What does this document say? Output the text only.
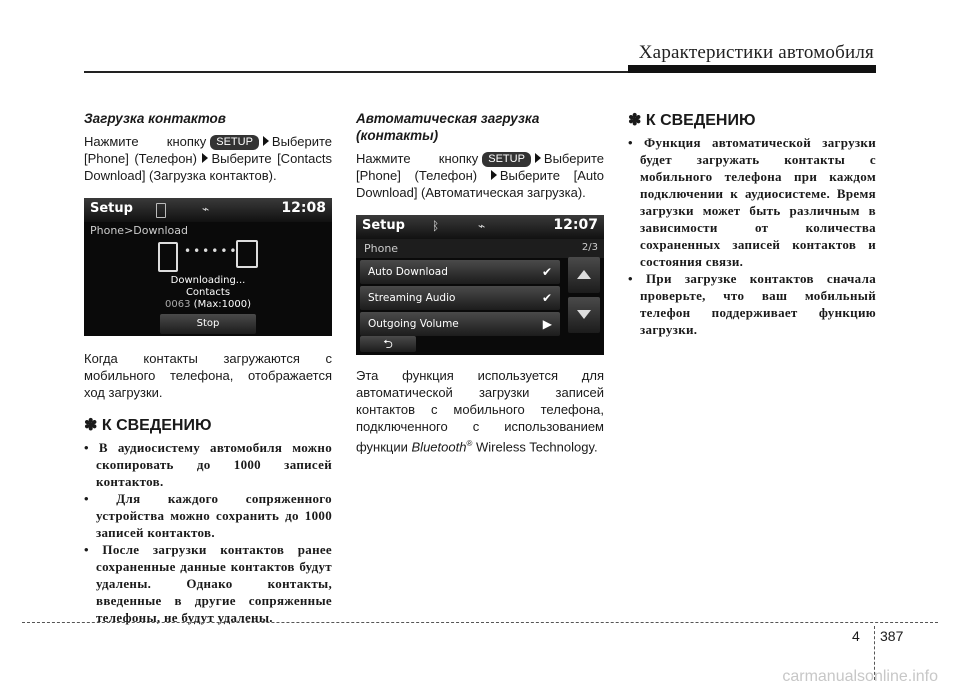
Характеристики автомобиля

Загрузка контактов

Нажмите кнопку SETUP Выберите [Phone] (Телефон) Выберите [Contacts Download] (Загрузка контактов).

Setup	⌁	12:08
Phone>Download
••••••
Downloading...
Contacts
0063 (Max:1000)
Stop

Когда контакты загружаются с мобильного телефона, отображается ход загрузки.

✽ К СВЕДЕНИЮ
• В аудиосистему автомобиля можно скопировать до 1000 записей контактов.
• Для каждого сопряженного устройства можно сохранить до 1000 записей контактов.
• После загрузки контактов ранее сохраненные данные контактов будут удалены. Однако контакты, введенные в другие сопряженные телефоны, не будут удалены.

Автоматическая загрузка (контакты)

Нажмите кнопку SETUP Выберите [Phone] (Телефон) Выберите [Auto Download] (Автоматическая загрузка).

Setup ᛒ	⌁	12:07
Phone	2/3
Auto Download	✔
Streaming Audio	✔
Outgoing Volume	▶
⮌

Эта функция используется для автоматической загрузки записей контактов с мобильного телефона, подключенного с использованием функции Bluetooth® Wireless Technology.

✽ К СВЕДЕНИЮ
• Функция автоматической загрузки будет загружать контакты с мобильного телефона при каждом подключении к аудиосистеме. Время загрузки может быть различным в зависимости от количества сохраненных записей контактов и состояния связи.
• При загрузке контактов сначала проверьте, что ваш мобильный телефон поддерживает функцию загрузки.
4 387
carmanualsonline.info
